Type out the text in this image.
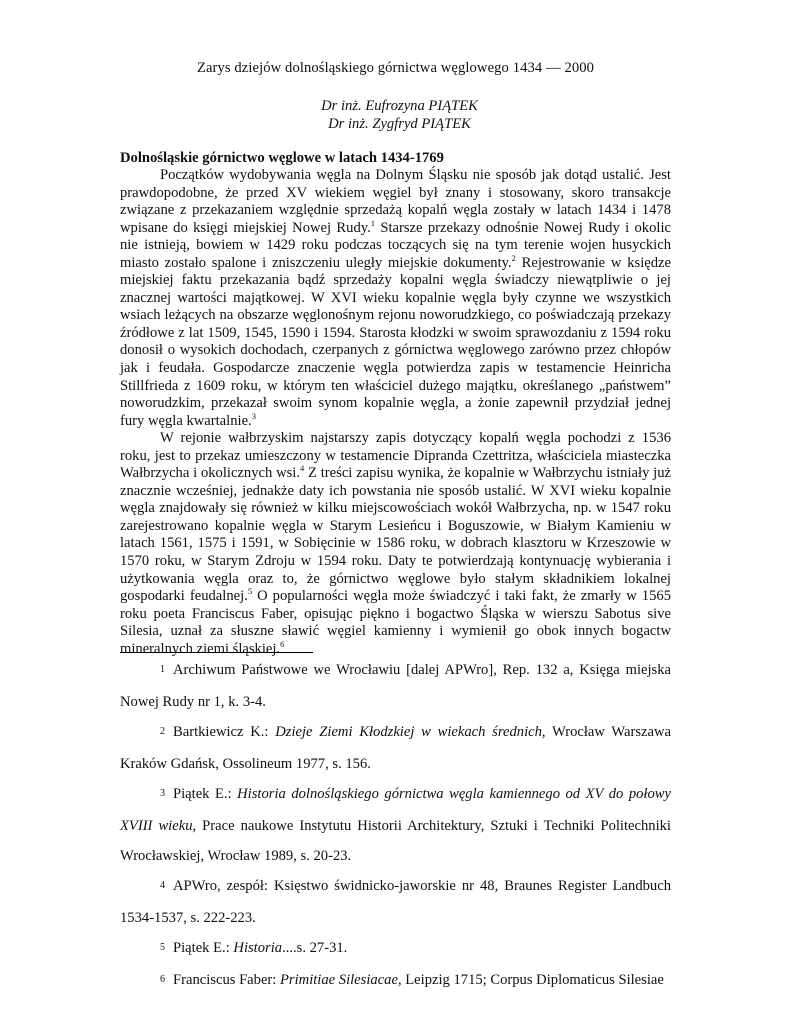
Zarys dziejów dolnośląskiego górnictwa węglowego 1434 — 2000
Dr inż. Eufrozyna PIĄTEK
Dr inż. Zygfryd PIĄTEK
Dolnośląskie górnictwo węglowe w latach 1434-1769

Początków wydobywania węgla na Dolnym Śląsku nie sposób jak dotąd ustalić. Jest prawdopodobne, że przed XV wiekiem węgiel był znany i stosowany, skoro transakcje związane z przekazaniem względnie sprzedażą kopalń węgla zostały w latach 1434 i 1478 wpisane do księgi miejskiej Nowej Rudy.$^1$ Starsze przekazy odnośnie Nowej Rudy i okolic nie istnieją, bowiem w 1429 roku podczas toczących się na tym terenie wojen husyckich miasto zostało spalone i zniszczeniu uległy miejskie dokumenty.$^2$ Rejestrowanie w księdze miejskiej faktu przekazania bądź sprzedaży kopalni węgla świadczy niewątpliwie o jej znacznej wartości majątkowej. W XVI wieku kopalnie węgla były czynne we wszystkich wsiach leżących na obszarze węglonośnym rejonu noworudzkiego, co poświadczają przekazy źródłowe z lat 1509, 1545, 1590 i 1594. Starosta kłodzki w swoim sprawozdaniu z 1594 roku donosił o wysokich dochodach, czerpanych z górnictwa węglowego zarówno przez chłopów jak i feudała. Gospodarcze znaczenie węgla potwierdza zapis w testamencie Heinricha Stillfrieda z 1609 roku, w którym ten właściciel dużego majątku, określanego „państwem” noworudzkim, przekazał swoim synom kopalnie węgla, a żonie zapewnił przydział jednej fury węgla kwartalnie.$^3$

W rejonie wałbrzyskim najstarszy zapis dotyczący kopalń węgla pochodzi z 1536 roku, jest to przekaz umieszczony w testamencie Dipranda Czettritza, właściciela miasteczka Wałbrzycha i okolicznych wsi.$^4$ Z treści zapisu wynika, że kopalnie w Wałbrzychu istniały już znacznie wcześniej, jednakże daty ich powstania nie sposób ustalić. W XVI wieku kopalnie węgla znajdowały się również w kilku miejscowościach wokół Wałbrzycha, np. w 1547 roku zarejestrowano kopalnie węgla w Starym Lesieńcu i Boguszowie, w Białym Kamieniu w latach 1561, 1575 i 1591, w Sobięcinie w 1586 roku, w dobrach klasztoru w Krzeszowie w 1570 roku, w Starym Zdroju w 1594 roku. Daty te potwierdzają kontynuację wybierania i użytkowania węgla oraz to, że górnictwo węglowe było stałym składnikiem lokalnej gospodarki feudalnej.$^5$ O popularności węgla może świadczyć i taki fakt, że zmarły w 1565 roku poeta Franciscus Faber, opisując piękno i bogactwo Śląska w wierszu Sabotus sive Silesia, uznał za słuszne sławić węgiel kamienny i wymienił go obok innych bogactw mineralnych ziemi śląskiej.$^6$

$^1$ Archiwum Państwowe we Wrocławiu [dalej APWro], Rep. 132 a, Księga miejska Nowej Rudy nr 1, k. 3-4.

$^2$ Bartkiewicz K.: Dzieje Ziemi Kłodzkiej w wiekach średnich, Wrocław Warszawa Kraków Gdańsk, Ossolineum 1977, s. 156.

$^3$ Piątek E.: Historia dolnośląskiego górnictwa węgla kamiennego od XV do połowy XVIII wieku, Prace naukowe Instytutu Historii Architektury, Sztuki i Techniki Politechniki Wrocławskiej, Wrocław 1989, s. 20-23.

$^4$ APWro, zespół: Księstwo świdnicko-jaworskie nr 48, Braunes Register Landbuch 1534-1537, s. 222-223.

$^5$ Piątek E.: Historia....s. 27-31.

$^6$ Franciscus Faber: Primitiae Silesiacae, Leipzig 1715; Corpus Diplomaticus Silesiae
